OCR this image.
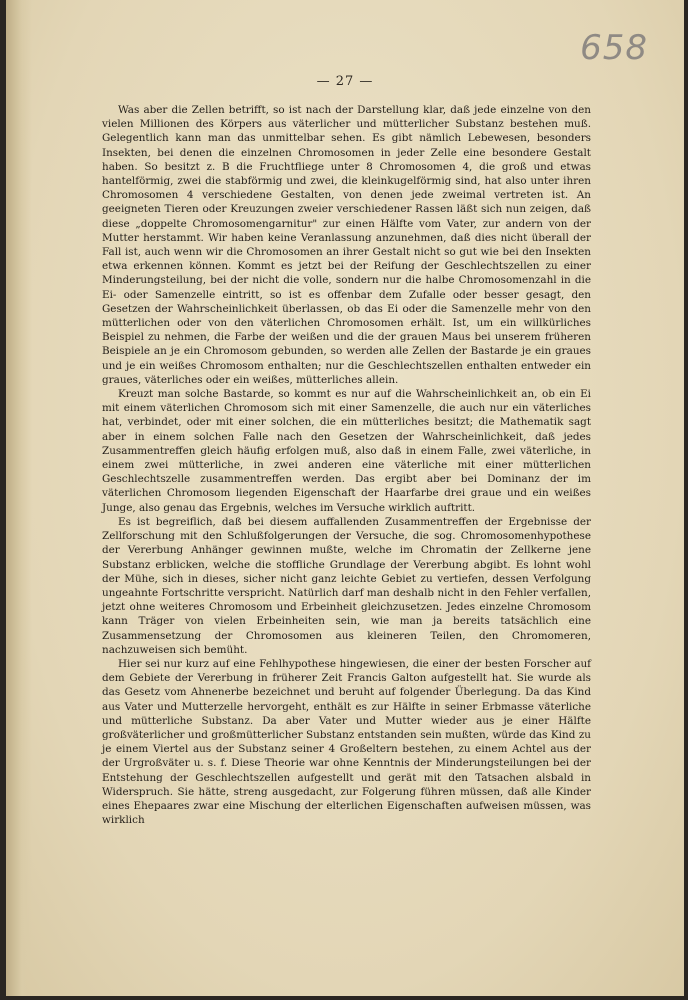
— 27 —
658

Was aber die Zellen betrifft, so ist nach der Darstellung klar, daß jede einzelne von den vielen Millionen des Körpers aus väterlicher und mütterlicher Substanz bestehen muß. Gelegentlich kann man das unmittelbar sehen. Es gibt nämlich Lebewesen, besonders Insekten, bei denen die einzelnen Chromosomen in jeder Zelle eine besondere Gestalt haben. So besitzt z. B die Fruchtfliege unter 8 Chromosomen 4, die groß und etwas hantelförmig, zwei die stabförmig und zwei, die kleinkugelförmig sind, hat also unter ihren Chromosomen 4 verschiedene Gestalten, von denen jede zweimal vertreten ist. An geeigneten Tieren oder Kreuzungen zweier verschiedener Rassen läßt sich nun zeigen, daß diese „doppelte Chromosomengarnitur" zur einen Hälfte vom Vater, zur andern von der Mutter herstammt. Wir haben keine Veranlassung anzunehmen, daß dies nicht überall der Fall ist, auch wenn wir die Chromosomen an ihrer Gestalt nicht so gut wie bei den Insekten etwa erkennen können. Kommt es jetzt bei der Reifung der Geschlechtszellen zu einer Minderungsteilung, bei der nicht die volle, sondern nur die halbe Chromosomenzahl in die Ei- oder Samenzelle eintritt, so ist es offenbar dem Zufalle oder besser gesagt, den Gesetzen der Wahrscheinlichkeit überlassen, ob das Ei oder die Samenzelle mehr von den mütterlichen oder von den väterlichen Chromosomen erhält. Ist, um ein willkürliches Beispiel zu nehmen, die Farbe der weißen und die der grauen Maus bei unserem früheren Beispiele an je ein Chromosom gebunden, so werden alle Zellen der Bastarde je ein graues und je ein weißes Chromosom enthalten; nur die Geschlechtszellen enthalten entweder ein graues, väterliches oder ein weißes, mütterliches allein.

Kreuzt man solche Bastarde, so kommt es nur auf die Wahrscheinlichkeit an, ob ein Ei mit einem väterlichen Chromosom sich mit einer Samenzelle, die auch nur ein väterliches hat, verbindet, oder mit einer solchen, die ein mütterliches besitzt; die Mathematik sagt aber in einem solchen Falle nach den Gesetzen der Wahrscheinlichkeit, daß jedes Zusammentreffen gleich häufig erfolgen muß, also daß in einem Falle, zwei väterliche, in einem zwei mütterliche, in zwei anderen eine väterliche mit einer mütterlichen Geschlechtszelle zusammentreffen werden. Das ergibt aber bei Dominanz der im väterlichen Chromosom liegenden Eigenschaft der Haarfarbe drei graue und ein weißes Junge, also genau das Ergebnis, welches im Versuche wirklich auftritt.

Es ist begreiflich, daß bei diesem auffallenden Zusammentreffen der Ergebnisse der Zellforschung mit den Schlußfolgerungen der Versuche, die sog. Chromosomenhypothese der Vererbung Anhänger gewinnen mußte, welche im Chromatin der Zellkerne jene Substanz erblicken, welche die stoffliche Grundlage der Vererbung abgibt. Es lohnt wohl der Mühe, sich in dieses, sicher nicht ganz leichte Gebiet zu vertiefen, dessen Verfolgung ungeahnte Fortschritte verspricht. Natürlich darf man deshalb nicht in den Fehler verfallen, jetzt ohne weiteres Chromosom und Erbeinheit gleichzusetzen. Jedes einzelne Chromosom kann Träger von vielen Erbeinheiten sein, wie man ja bereits tatsächlich eine Zusammensetzung der Chromosomen aus kleineren Teilen, den Chromomeren, nachzuweisen sich bemüht.

Hier sei nur kurz auf eine Fehlhypothese hingewiesen, die einer der besten Forscher auf dem Gebiete der Vererbung in früherer Zeit Francis Galton aufgestellt hat. Sie wurde als das Gesetz vom Ahnenerbe bezeichnet und beruht auf folgender Überlegung. Da das Kind aus Vater und Mutterzelle hervorgeht, enthält es zur Hälfte in seiner Erbmasse väterliche und mütterliche Substanz. Da aber Vater und Mutter wieder aus je einer Hälfte großväterlicher und großmütterlicher Substanz entstanden sein mußten, würde das Kind zu je einem Viertel aus der Substanz seiner 4 Großeltern bestehen, zu einem Achtel aus der der Urgroßväter u. s. f. Diese Theorie war ohne Kenntnis der Minderungsteilungen bei der Entstehung der Geschlechtszellen aufgestellt und gerät mit den Tatsachen alsbald in Widerspruch. Sie hätte, streng ausgedacht, zur Folgerung führen müssen, daß alle Kinder eines Ehepaares zwar eine Mischung der elterlichen Eigenschaften aufweisen müssen, was wirklich
